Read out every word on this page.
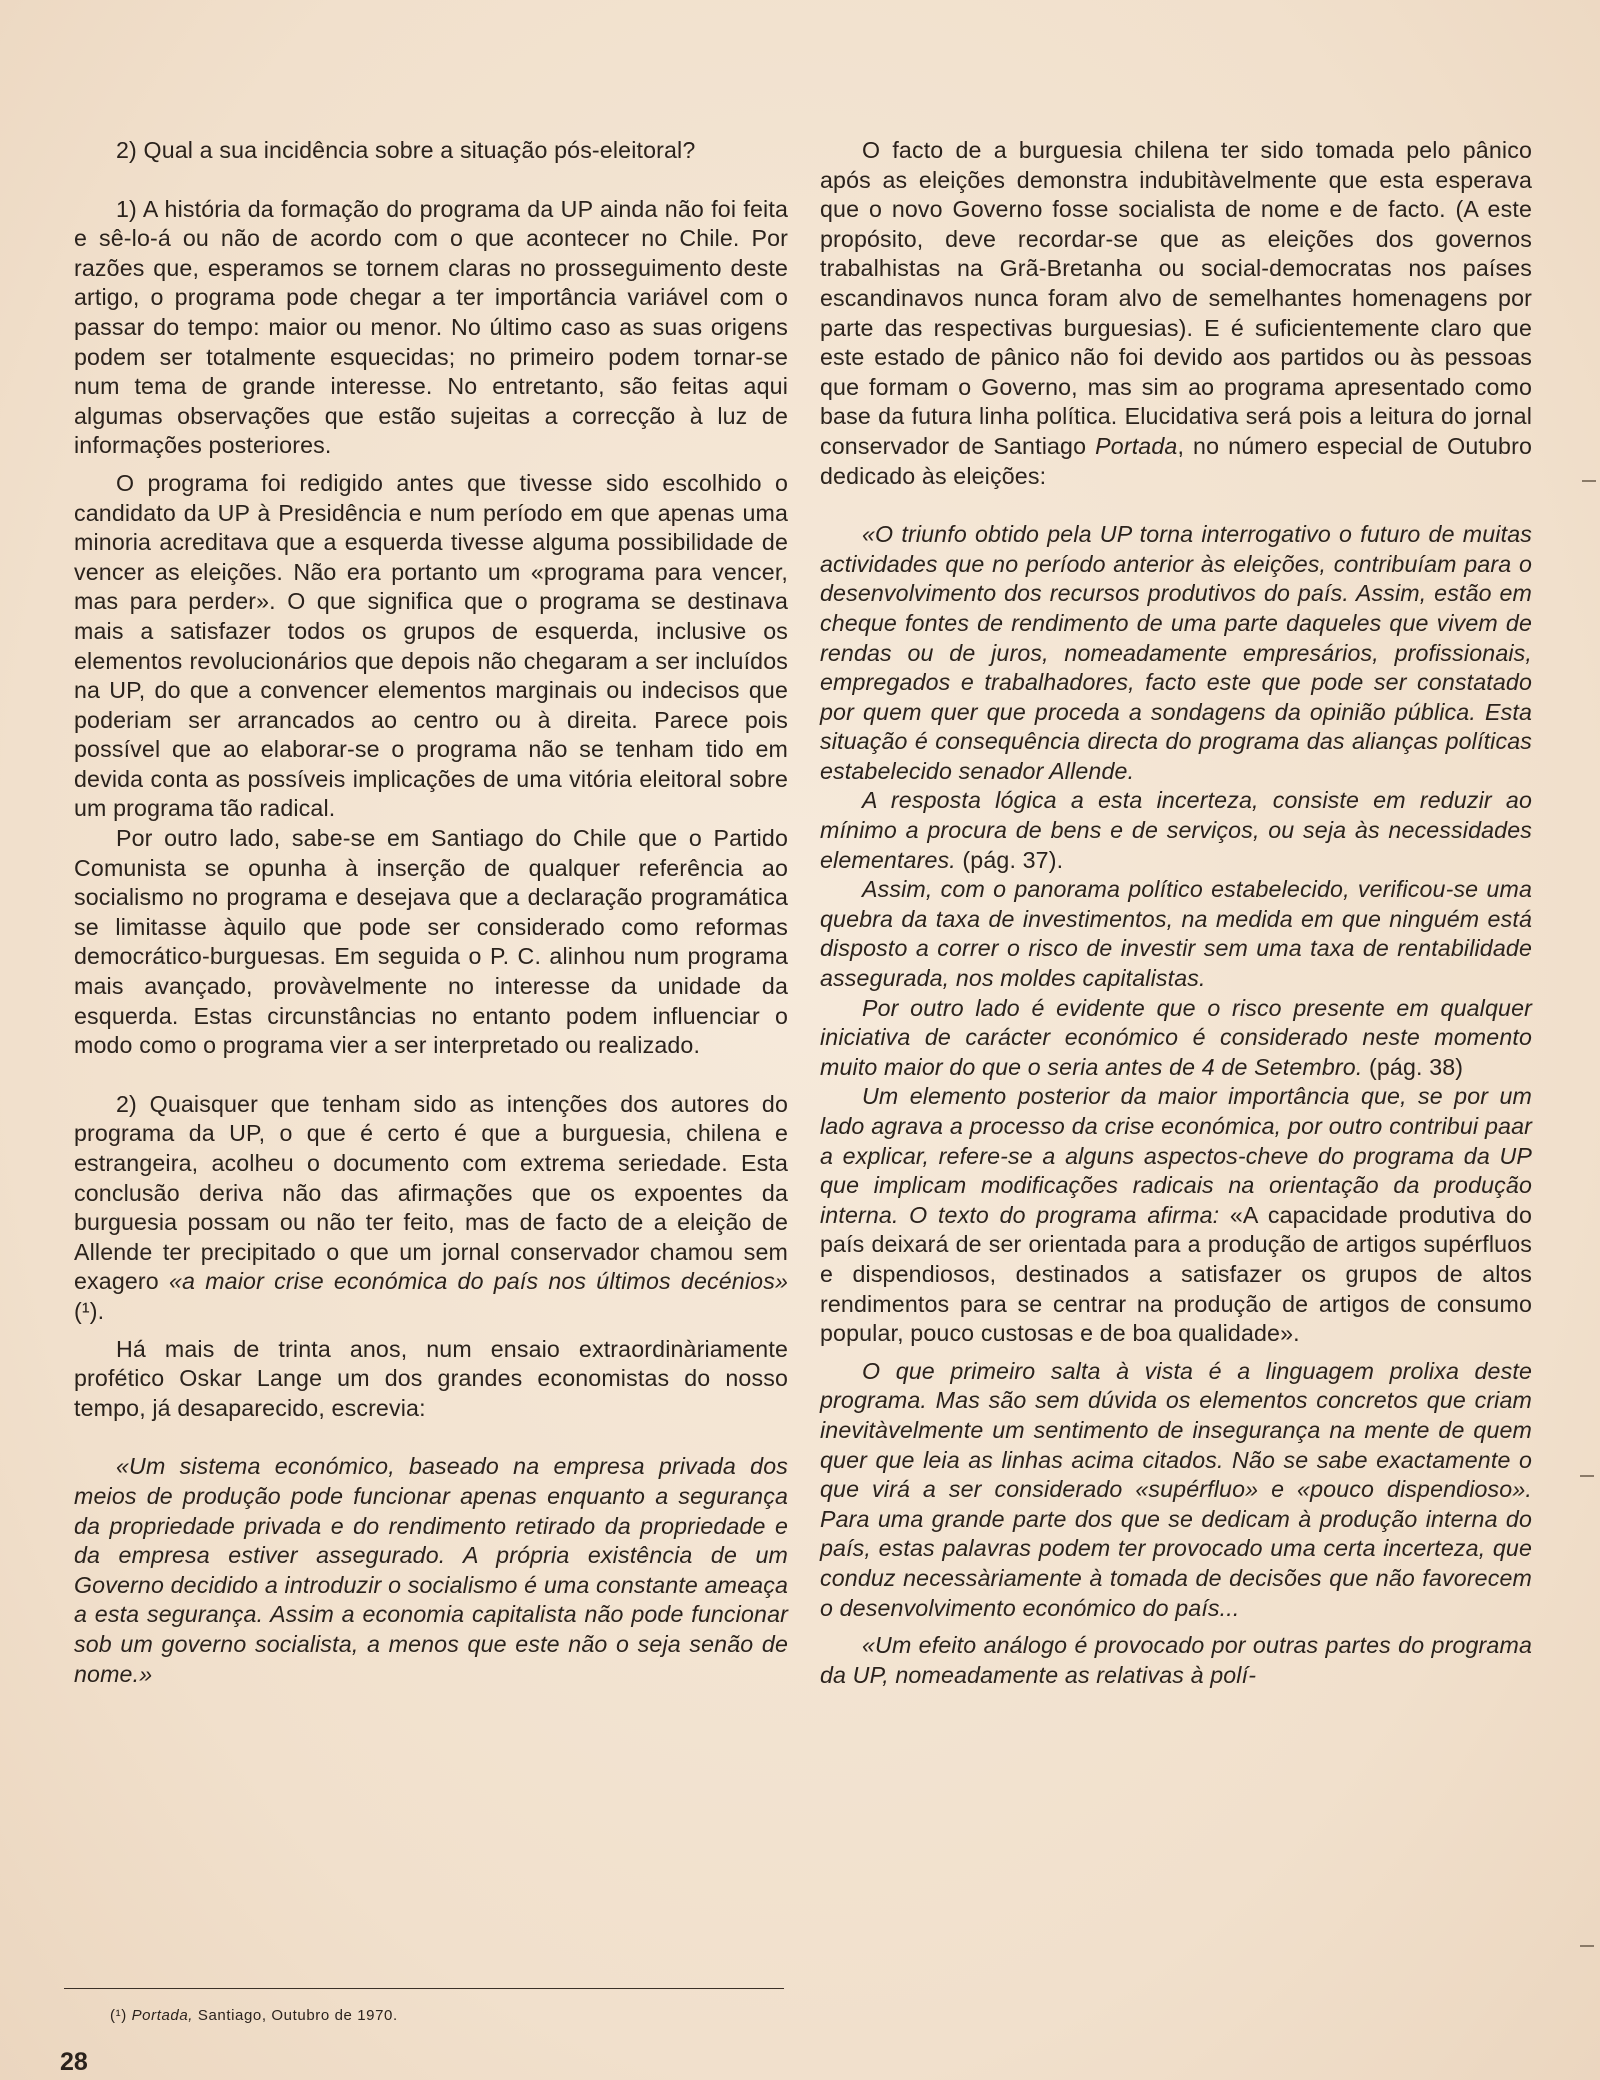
2) Qual a sua incidência sobre a situação pós-eleitoral?

1) A história da formação do programa da UP ainda não foi feita e sê-lo-á ou não de acordo com o que acontecer no Chile. Por razões que, esperamos se tornem claras no prosseguimento deste artigo, o programa pode chegar a ter importância variável com o passar do tempo: maior ou menor. No último caso as suas origens podem ser totalmente esquecidas; no primeiro podem tornar-se num tema de grande interesse. No entretanto, são feitas aqui algumas observações que estão sujeitas a correcção à luz de informações posteriores.

O programa foi redigido antes que tivesse sido escolhido o candidato da UP à Presidência e num período em que apenas uma minoria acreditava que a esquerda tivesse alguma possibilidade de vencer as eleições. Não era portanto um «programa para vencer, mas para perder». O que significa que o programa se destinava mais a satisfazer todos os grupos de esquerda, inclusive os elementos revolucionários que depois não chegaram a ser incluídos na UP, do que a convencer elementos marginais ou indecisos que poderiam ser arrancados ao centro ou à direita. Parece pois possível que ao elaborar-se o programa não se tenham tido em devida conta as possíveis implicações de uma vitória eleitoral sobre um programa tão radical.

Por outro lado, sabe-se em Santiago do Chile que o Partido Comunista se opunha à inserção de qualquer referência ao socialismo no programa e desejava que a declaração programática se limitasse àquilo que pode ser considerado como reformas democrático-burguesas. Em seguida o P. C. alinhou num programa mais avançado, provàvelmente no interesse da unidade da esquerda. Estas circunstâncias no entanto podem influenciar o modo como o programa vier a ser interpretado ou realizado.

2) Quaisquer que tenham sido as intenções dos autores do programa da UP, o que é certo é que a burguesia, chilena e estrangeira, acolheu o documento com extrema seriedade. Esta conclusão deriva não das afirmações que os expoentes da burguesia possam ou não ter feito, mas de facto de a eleição de Allende ter precipitado o que um jornal conservador chamou sem exagero «a maior crise económica do país nos últimos decénios» (¹).

Há mais de trinta anos, num ensaio extraordinàriamente profético Oskar Lange um dos grandes economistas do nosso tempo, já desaparecido, escrevia:

«Um sistema económico, baseado na empresa privada dos meios de produção pode funcionar apenas enquanto a segurança da propriedade privada e do rendimento retirado da propriedade e da empresa estiver assegurado. A própria existência de um Governo decidido a introduzir o socialismo é uma constante ameaça a esta segurança. Assim a economia capitalista não pode funcionar sob um governo socialista, a menos que este não o seja senão de nome.»

O facto de a burguesia chilena ter sido tomada pelo pânico após as eleições demonstra indubitàvelmente que esta esperava que o novo Governo fosse socialista de nome e de facto. (A este propósito, deve recordar-se que as eleições dos governos trabalhistas na Grã-Bretanha ou social-democratas nos países escandinavos nunca foram alvo de semelhantes homenagens por parte das respectivas burguesias). E é suficientemente claro que este estado de pânico não foi devido aos partidos ou às pessoas que formam o Governo, mas sim ao programa apresentado como base da futura linha política. Elucidativa será pois a leitura do jornal conservador de Santiago Portada, no número especial de Outubro dedicado às eleições:

«O triunfo obtido pela UP torna interrogativo o futuro de muitas actividades que no período anterior às eleições, contribuíam para o desenvolvimento dos recursos produtivos do país. Assim, estão em cheque fontes de rendimento de uma parte daqueles que vivem de rendas ou de juros, nomeadamente empresários, profissionais, empregados e trabalhadores, facto este que pode ser constatado por quem quer que proceda a sondagens da opinião pública. Esta situação é consequência directa do programa das alianças políticas estabelecido senador Allende.

A resposta lógica a esta incerteza, consiste em reduzir ao mínimo a procura de bens e de serviços, ou seja às necessidades elementares. (pág. 37).

Assim, com o panorama político estabelecido, verificou-se uma quebra da taxa de investimentos, na medida em que ninguém está disposto a correr o risco de investir sem uma taxa de rentabilidade assegurada, nos moldes capitalistas.

Por outro lado é evidente que o risco presente em qualquer iniciativa de carácter económico é considerado neste momento muito maior do que o seria antes de 4 de Setembro. (pág. 38)

Um elemento posterior da maior importância que, se por um lado agrava a processo da crise económica, por outro contribui paar a explicar, refere-se a alguns aspectos-cheve do programa da UP que implicam modificações radicais na orientação da produção interna. O texto do programa afirma: «A capacidade produtiva do país deixará de ser orientada para a produção de artigos supérfluos e dispendiosos, destinados a satisfazer os grupos de altos rendimentos para se centrar na produção de artigos de consumo popular, pouco custosas e de boa qualidade».

O que primeiro salta à vista é a linguagem prolixa deste programa. Mas são sem dúvida os elementos concretos que criam inevitàvelmente um sentimento de insegurança na mente de quem quer que leia as linhas acima citados. Não se sabe exactamente o que virá a ser considerado «supérfluo» e «pouco dispendioso». Para uma grande parte dos que se dedicam à produção interna do país, estas palavras podem ter provocado uma certa incerteza, que conduz necessàriamente à tomada de decisões que não favorecem o desenvolvimento económico do país...

«Um efeito análogo é provocado por outras partes do programa da UP, nomeadamente as relativas à polí-

(¹) Portada, Santiago, Outubro de 1970.
28
